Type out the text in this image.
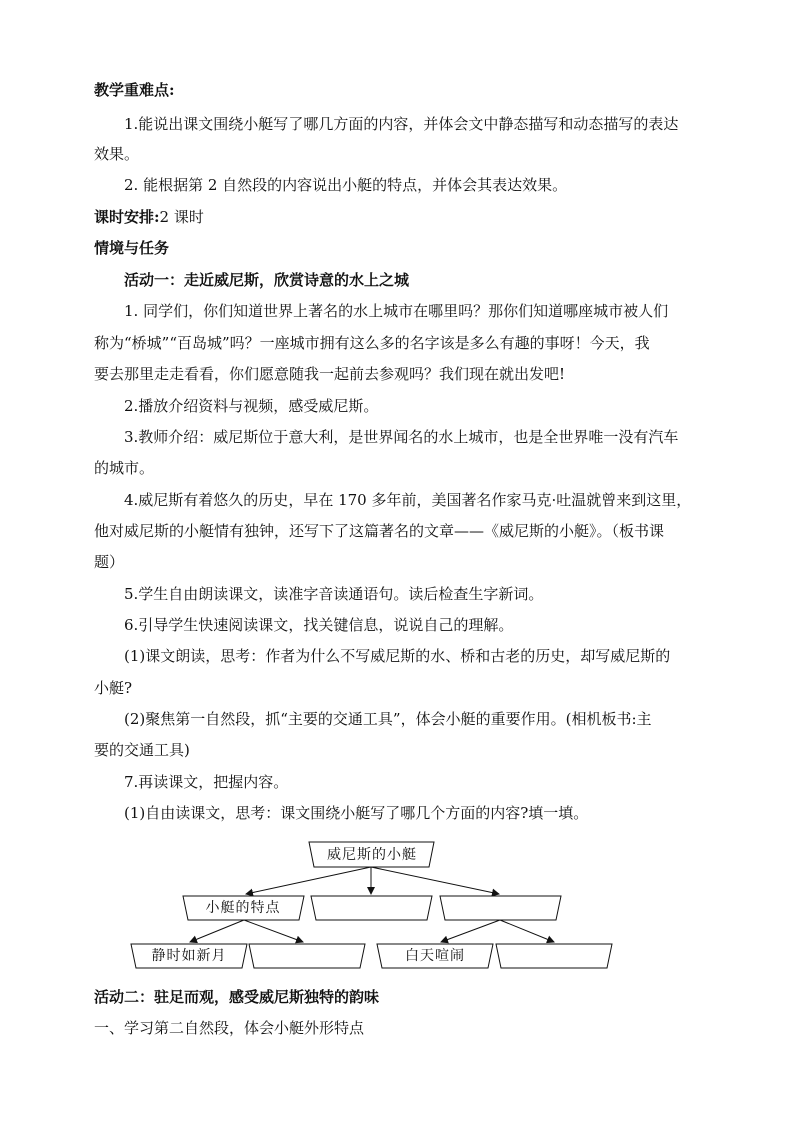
教学重难点:
1.能说出课文围绕小艇写了哪几方面的内容，并体会文中静态描写和动态描写的表达
效果。
2. 能根据第 2 自然段的内容说出小艇的特点，并体会其表达效果。
课时安排:2 课时
情境与任务
活动一：走近威尼斯，欣赏诗意的水上之城
1. 同学们，你们知道世界上著名的水上城市在哪里吗？那你们知道哪座城市被人们
称为“桥城”“百岛城”吗？一座城市拥有这么多的名字该是多么有趣的事呀！今天，我
要去那里走走看看，你们愿意随我一起前去参观吗？我们现在就出发吧!
2.播放介绍资料与视频，感受威尼斯。
3.教师介绍：威尼斯位于意大利，是世界闻名的水上城市，也是全世界唯一没有汽车
的城市。
4.威尼斯有着悠久的历史，早在 170 多年前，美国著名作家马克·吐温就曾来到这里，
他对威尼斯的小艇情有独钟，还写下了这篇著名的文章——《威尼斯的小艇》。（板书课
题）
5.学生自由朗读课文，读准字音读通语句。读后检查生字新词。
6.引导学生快速阅读课文，找关键信息，说说自己的理解。
(1)课文朗读，思考：作者为什么不写威尼斯的水、桥和古老的历史，却写威尼斯的
小艇?
(2)聚焦第一自然段，抓“主要的交通工具”，体会小艇的重要作用。(相机板书:主
要的交通工具)
7.再读课文，把握内容。
(1)自由读课文，思考：课文围绕小艇写了哪几个方面的内容?填一填。
威尼斯的小艇
小艇的特点
静时如新月	白天喧闹
活动二：驻足而观，感受威尼斯独特的韵味
一、学习第二自然段，体会小艇外形特点
